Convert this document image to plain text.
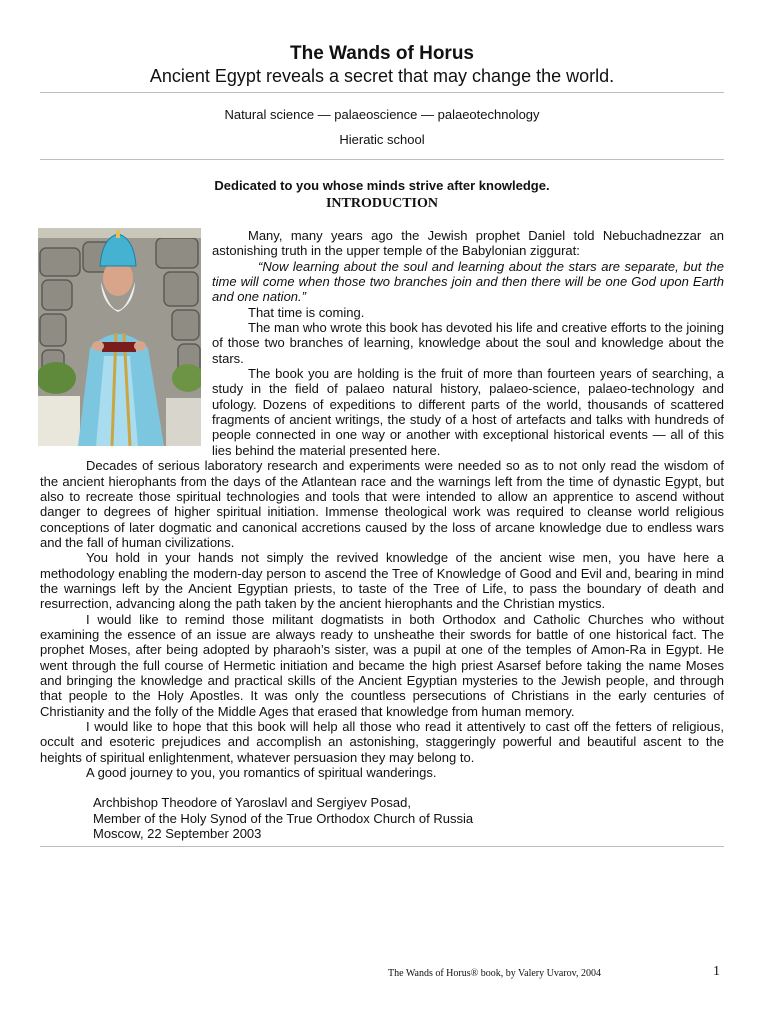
The Wands of Horus
Ancient Egypt reveals a secret that may change the world.
Natural science — palaeoscience — palaeotechnology
Hieratic school
Dedicated to you whose minds strive after knowledge.
INTRODUCTION

Many, many years ago the Jewish prophet Daniel told Nebuchadnezzar an astonishing truth in the upper temple of the Babylonian ziggurat:

“Now learning about the soul and learning about the stars are separate, but the time will come when those two branches join and then there will be one God upon Earth and one nation.”

That time is coming.

The man who wrote this book has devoted his life and creative efforts to the joining of those two branches of learning, knowledge about the soul and knowledge about the stars.

The book you are holding is the fruit of more than fourteen years of searching, a study in the field of palaeo natural history, palaeo-science, palaeo-technology and ufology. Dozens of expeditions to different parts of the world, thousands of scattered fragments of ancient writings, the study of a host of artefacts and talks with hundreds of people connected in one way or another with exceptional historical events — all of this lies behind the material presented here.

Decades of serious laboratory research and experiments were needed so as to not only read the wisdom of the ancient hierophants from the days of the Atlantean race and the warnings left from the time of dynastic Egypt, but also to recreate those spiritual technologies and tools that were intended to allow an apprentice to ascend without danger to degrees of higher spiritual initiation. Immense theological work was required to cleanse world religious conceptions of later dogmatic and canonical accretions caused by the loss of arcane knowledge due to endless wars and the fall of human civilizations.

You hold in your hands not simply the revived knowledge of the ancient wise men, you have here a methodology enabling the modern-day person to ascend the Tree of Knowledge of Good and Evil and, bearing in mind the warnings left by the Ancient Egyptian priests, to taste of the Tree of Life, to pass the boundary of death and resurrection, advancing along the path taken by the ancient hierophants and the Christian mystics.

I would like to remind those militant dogmatists in both Orthodox and Catholic Churches who without examining the essence of an issue are always ready to unsheathe their swords for battle of one historical fact. The prophet Moses, after being adopted by pharaoh’s sister, was a pupil at one of the temples of Amon-Ra in Egypt. He went through the full course of Hermetic initiation and became the high priest Asarsef before taking the name Moses and bringing the knowledge and practical skills of the Ancient Egyptian mysteries to the Jewish people, and through that people to the Holy Apostles. It was only the countless persecutions of Christians in the early centuries of Christianity and the folly of the Middle Ages that erased that knowledge from human memory.

I would like to hope that this book will help all those who read it attentively to cast off the fetters of religious, occult and esoteric prejudices and accomplish an astonishing, staggeringly powerful and beautiful ascent to the heights of spiritual enlightenment, whatever persuasion they may belong to.

A good journey to you, you romantics of spiritual wanderings.

Archbishop Theodore of Yaroslavl and Sergiyev Posad,
Member of the Holy Synod of the True Orthodox Church of Russia
Moscow, 22 September 2003
The Wands of Horus® book, by Valery Uvarov, 2004	1
